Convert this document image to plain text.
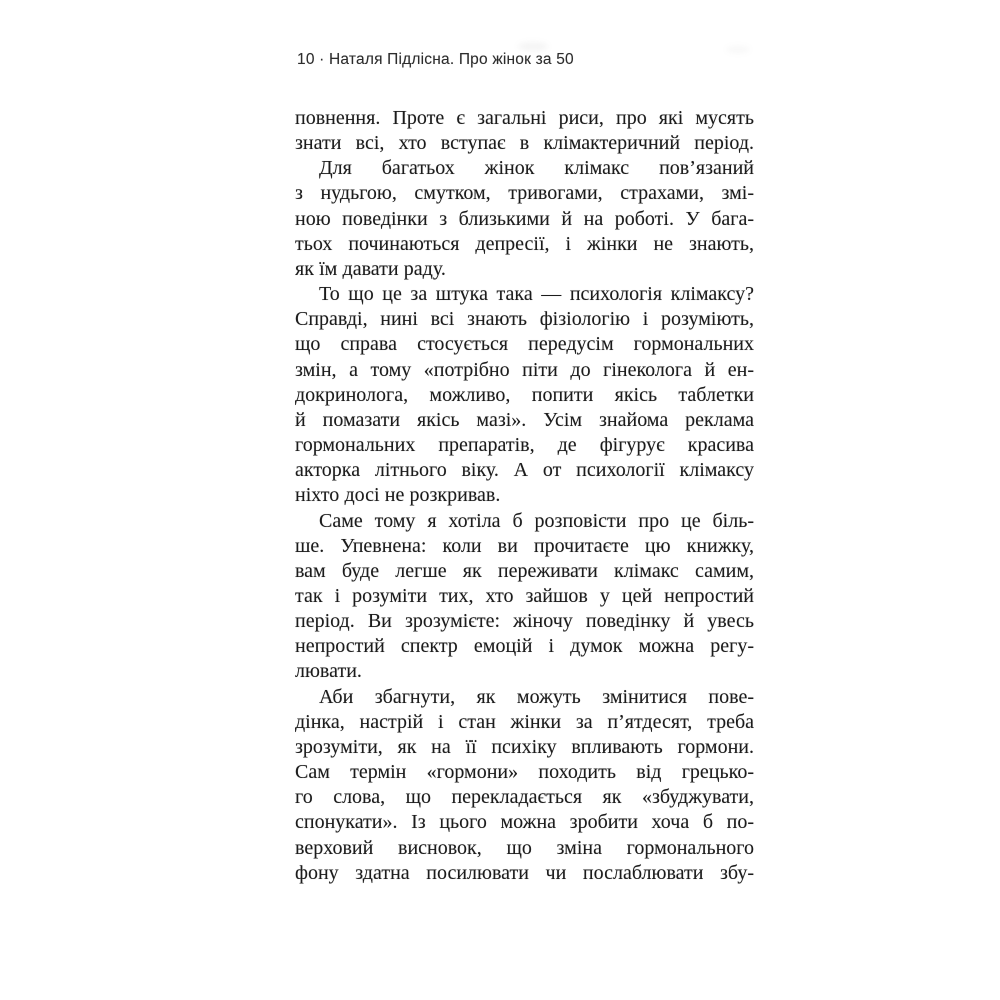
10 · Наталя Підлісна. Про жінок за 50

повнення. Проте є загальні риси, про які мусять
знати всі, хто вступає в клімактеричний період.

Для багатьох жінок клімакс пов’язаний
з нудьгою, смутком, тривогами, страхами, змі-
ною поведінки з близькими й на роботі. У бага-
тьох починаються депресії, і жінки не знають,
як їм давати раду.

То що це за штука така — психологія клімаксу?
Справді, нині всі знають фізіологію і розуміють,
що справа стосується передусім гормональних
змін, а тому «потрібно піти до гінеколога й ен-
докринолога, можливо, попити якісь таблетки
й помазати якісь мазі». Усім знайома реклама
гормональних препаратів, де фігурує красива
акторка літнього віку. А от психології клімаксу
ніхто досі не розкривав.

Саме тому я хотіла б розповісти про це біль-
ше. Упевнена: коли ви прочитаєте цю книжку,
вам буде легше як переживати клімакс самим,
так і розуміти тих, хто зайшов у цей непростий
період. Ви зрозумієте: жіночу поведінку й увесь
непростий спектр емоцій і думок можна регу-
лювати.

Аби збагнути, як можуть змінитися пове-
дінка, настрій і стан жінки за п’ятдесят, треба
зрозуміти, як на її психіку впливають гормони.
Сам термін «гормони» походить від грецько-
го слова, що перекладається як «збуджувати,
спонукати». Із цього можна зробити хоча б по-
верховий висновок, що зміна гормонального
фону здатна посилювати чи послаблювати збу-
